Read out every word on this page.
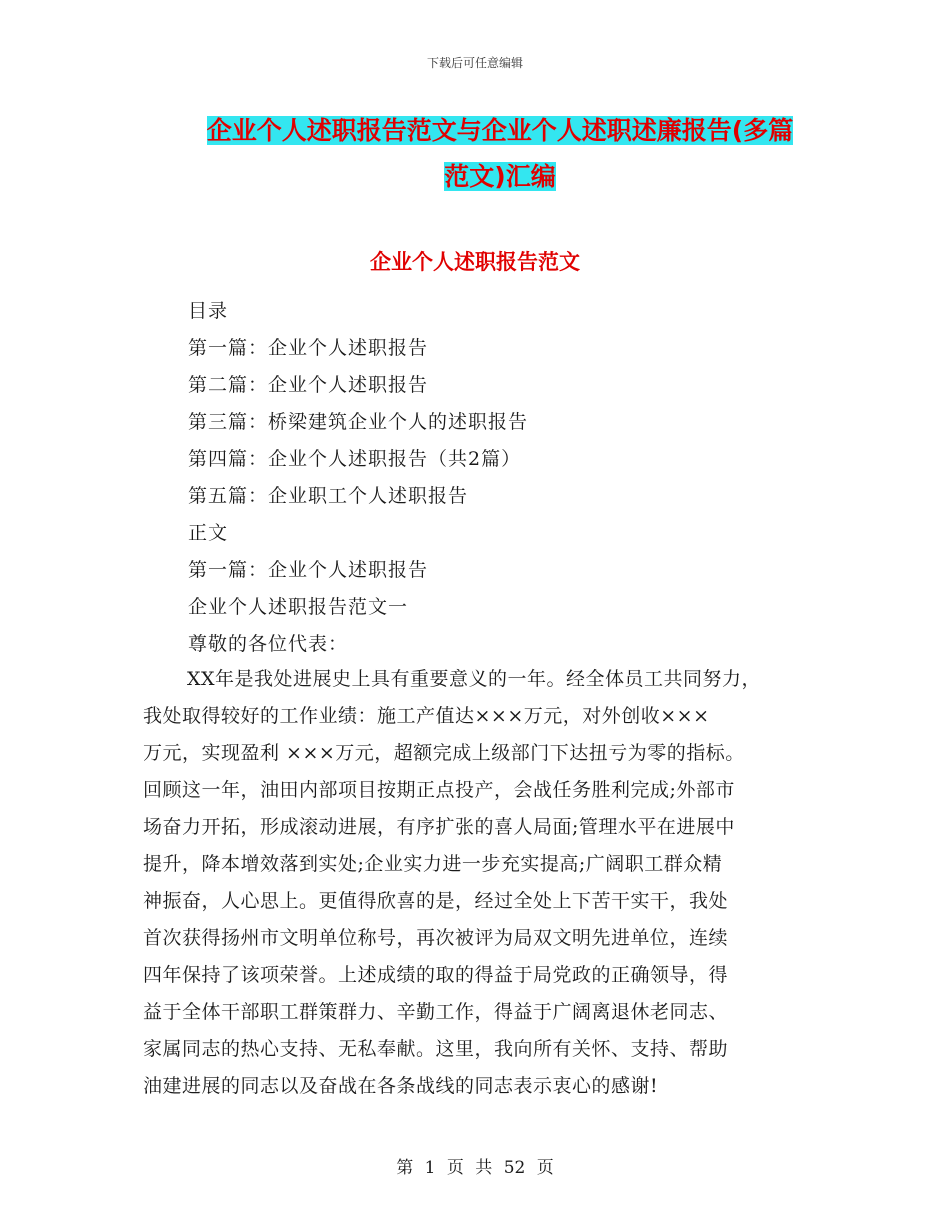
下载后可任意编辑
企业个人述职报告范文与企业个人述职述廉报告(多篇
范文)汇编
企业个人述职报告范文
目录
第一篇：企业个人述职报告
第二篇：企业个人述职报告
第三篇：桥梁建筑企业个人的述职报告
第四篇：企业个人述职报告（共2篇）
第五篇：企业职工个人述职报告
正文
第一篇：企业个人述职报告
企业个人述职报告范文一
尊敬的各位代表：
XX年是我处进展史上具有重要意义的一年。经全体员工共同努力，
我处取得较好的工作业绩：施工产值达×××万元，对外创收×××
万元，实现盈利 ×××万元，超额完成上级部门下达扭亏为零的指标。
回顾这一年，油田内部项目按期正点投产，会战任务胜利完成;外部市
场奋力开拓，形成滚动进展，有序扩张的喜人局面;管理水平在进展中
提升，降本增效落到实处;企业实力进一步充实提高;广阔职工群众精
神振奋，人心思上。更值得欣喜的是，经过全处上下苦干实干，我处
首次获得扬州市文明单位称号，再次被评为局双文明先进单位，连续
四年保持了该项荣誉。上述成绩的取的得益于局党政的正确领导，得
益于全体干部职工群策群力、辛勤工作，得益于广阔离退休老同志、
家属同志的热心支持、无私奉献。这里，我向所有关怀、支持、帮助
油建进展的同志以及奋战在各条战线的同志表示衷心的感谢!
第 1 页 共 52 页
